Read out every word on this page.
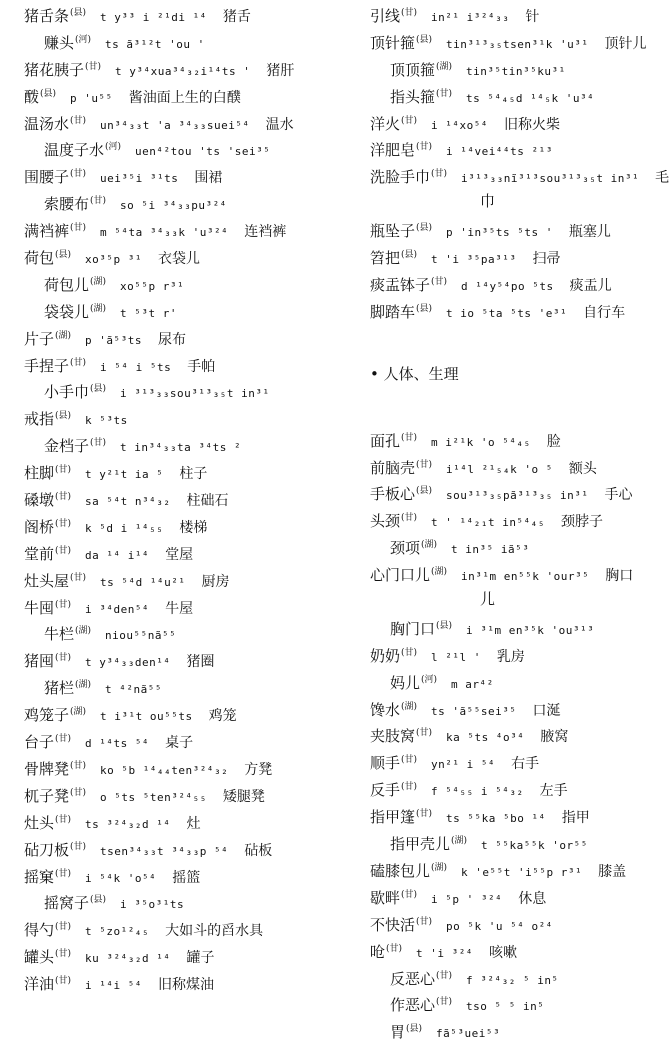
猪舌条$^{(县)}$ t y³³ i ²¹di ¹⁴ 猪舌
赚头$^{(河)}$ ts ã³¹²t 'ou '
猪花胰子$^{(甘)}$ t y³⁴xua³⁴₃₂i¹⁴ts ' 猪肝
酦$^{(县)}$ p 'u⁵⁵ 酱油面上生的白醭
温汤水$^{(甘)}$ un³⁴₃₃t 'a ³⁴₃₃suei⁵⁴ 温水
温度子水$^{(河)}$ uen⁴²tou 'ts 'sei³⁵
围腰子$^{(甘)}$ uei³⁵i ³¹ts 围裙
索腰布$^{(甘)}$ so ⁵i ³⁴₃₃pu³²⁴
满裆裤$^{(甘)}$ m ⁵⁴ta ³⁴₃₃k 'u³²⁴ 连裆裤
荷包$^{(县)}$ xo³⁵p ³¹ 衣袋儿
荷包儿$^{(湖)}$ xo⁵⁵p r³¹
袋袋儿$^{(湖)}$ t ⁵³t r'
片子$^{(湖)}$ p 'ã⁵³ts 尿布
手捏子$^{(甘)}$ i ⁵⁴ i ⁵ts 手帕
小手巾$^{(县)}$ i ³¹³₃₃sou³¹³₃₅t in³¹
戒指$^{(县)}$ k ⁵³ts
金档子$^{(甘)}$ t in³⁴₃₃ta ³⁴ts ²
柱脚$^{(甘)}$ t y²¹t ia ⁵ 柱子
磉墩$^{(甘)}$ sa ⁵⁴t n³⁴₃₂ 柱础石
阁桥$^{(甘)}$ k ⁵d i ¹⁴₅₅ 楼梯
堂前$^{(甘)}$ da ¹⁴ i¹⁴ 堂屋
灶头屋$^{(甘)}$ ts ⁵⁴d ¹⁴u²¹ 厨房
牛囤$^{(甘)}$ i ³⁴den⁵⁴ 牛屋
牛栏$^{(湖)}$ niou⁵⁵nã⁵⁵
猪囤$^{(甘)}$ t y³⁴₃₃den¹⁴ 猪圈
猪栏$^{(湖)}$ t ⁴²nã⁵⁵
鸡笼子$^{(湖)}$ t i³¹t ou⁵⁵ts 鸡笼
台子$^{(甘)}$ d ¹⁴ts ⁵⁴ 桌子
骨牌凳$^{(甘)}$ ko ⁵b ¹⁴₄₄ten³²⁴₃₂ 方凳
杌子凳$^{(甘)}$ o ⁵ts ⁵ten³²⁴₅₅ 矮腿凳
灶头$^{(甘)}$ ts ³²⁴₃₂d ¹⁴ 灶
砧刀板$^{(甘)}$ tsen³⁴₃₃t ³⁴₃₃p ⁵⁴ 砧板
摇窠$^{(甘)}$ i ⁵⁴k 'o⁵⁴ 摇篮
摇窝子$^{(县)}$ i ³⁵o³¹ts
得勺$^{(甘)}$ t ⁵zo¹²₄₅ 大如斗的舀水具
罐头$^{(甘)}$ ku ³²⁴₃₂d ¹⁴ 罐子
洋油$^{(甘)}$ i ¹⁴i ⁵⁴ 旧称煤油
引线$^{(甘)}$ in²¹ i³²⁴₃₃ 针
顶针箍$^{(县)}$ tin³¹³₃₅tsen³¹k 'u³¹ 顶针儿
顶顶箍$^{(湖)}$ tin³⁵tin³⁵ku³¹
指头箍$^{(甘)}$ ts ⁵⁴₄₅d ¹⁴₅k 'u³⁴
洋火$^{(甘)}$ i ¹⁴xo⁵⁴ 旧称火柴
洋肥皂$^{(甘)}$ i ¹⁴vei⁴⁴ts ²¹³
洗脸手巾$^{(甘)}$ i³¹³₃₃nĩ³¹³sou³¹³₃₅t in³¹ 毛
巾
瓶坠子$^{(县)}$ p 'in³⁵ts ⁵ts ' 瓶塞儿
笤把$^{(县)}$ t 'i ³⁵pa³¹³ 扫帚
痰盂钵子$^{(甘)}$ d ¹⁴y⁵⁴po ⁵ts 痰盂儿
脚踏车$^{(县)}$ t io ⁵ta ⁵ts 'e³¹ 自行车
• 人体、生理
面孔$^{(甘)}$ m i²¹k 'o ⁵⁴₄₅ 脸
前脑壳$^{(甘)}$ i¹⁴l ²¹₅₄k 'o ⁵ 额头
手板心$^{(县)}$ sou³¹³₃₅pã³¹³₃₅ in³¹ 手心
头颈$^{(甘)}$ t ' ¹⁴₂₁t in⁵⁴₄₅ 颈脖子
颈项$^{(湖)}$ t in³⁵ iã⁵³
心门口儿$^{(湖)}$ in³¹m en⁵⁵k 'our³⁵ 胸口
儿
胸门口$^{(县)}$ i ³¹m en³⁵k 'ou³¹³
奶奶$^{(甘)}$ l ²¹l ' 乳房
妈儿$^{(河)}$ m ar⁴²
馋水$^{(湖)}$ ts 'ã⁵⁵sei³⁵ 口涎
夹肢窝$^{(甘)}$ ka ⁵ts ⁴o³⁴ 腋窝
顺手$^{(甘)}$ yn²¹ i ⁵⁴ 右手
反手$^{(甘)}$ f ⁵⁴₅₅ i ⁵⁴₃₂ 左手
指甲篷$^{(甘)}$ ts ⁵⁵ka ⁵bo ¹⁴ 指甲
指甲壳儿$^{(湖)}$ t ⁵⁵ka⁵⁵k 'or⁵⁵
磕膝包儿$^{(湖)}$ k 'e⁵⁵t 'i⁵⁵p r³¹ 膝盖
歇畔$^{(甘)}$ i ⁵p ' ³²⁴ 休息
不快活$^{(甘)}$ po ⁵k 'u ⁵⁴ o²⁴
呛$^{(甘)}$ t 'i ³²⁴ 咳嗽
反恶心$^{(甘)}$ f ³²⁴₃₂ ⁵ in⁵
作恶心$^{(甘)}$ tso ⁵ ⁵ in⁵
胃$^{(县)}$ fã⁵³uei⁵³
